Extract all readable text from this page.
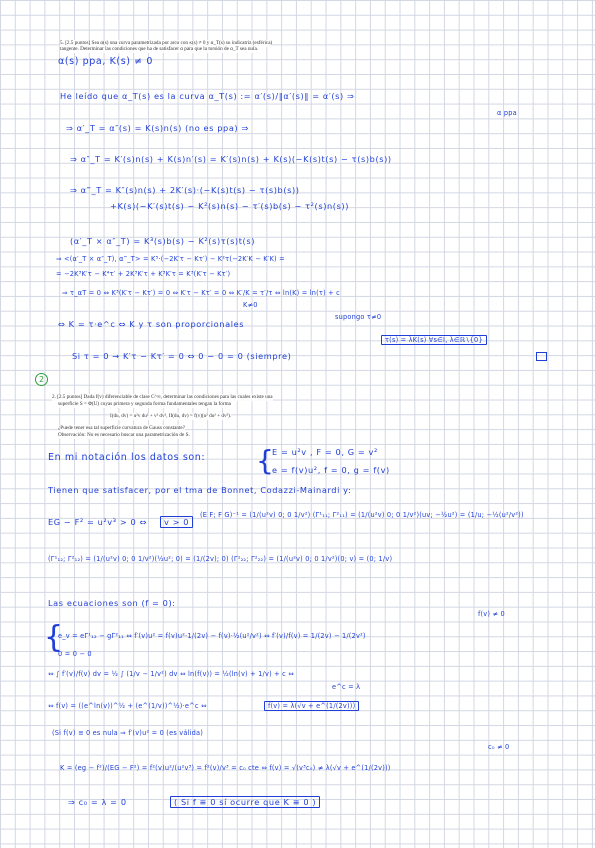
5. [2.5 puntos] Sea α(s) una curva parametrizada por arco con κ(s) ≠ 0 y α_T(s) su indicatriz (esférica)
tangente. Determinar las condiciones que ha de satisfacer α para que la torsión de α_T sea nula.
α(s) ppa, K(s) ≠ 0
He leído que α_T(s) es la curva α_T(s) := α′(s)/‖α′(s)‖ = α′(s) ⇒
α ppa
⇒ α′_T = α″(s) = K(s)n(s) (no es ppa) ⇒
⇒ α″_T = K′(s)n(s) + K(s)n′(s) = K′(s)n(s) + K(s)(−K(s)t(s) − τ(s)b(s))
⇒ α‴_T = K″(s)n(s) + 2K′(s)·(−K(s)t(s) − τ(s)b(s))
+K(s)(−K′(s)t(s) − K²(s)n(s) − τ′(s)b(s) − τ²(s)n(s))
(α′_T × α″_T) = K³(s)b(s) − K²(s)τ(s)t(s)
⇒ <(α′_T × α″_T), α‴_T> = K⁵·(−2K′τ − Kτ′) − K²τ(−2K′K − K′K) =
= −2K³K′τ − K⁴τ′ + 2K³K′τ + K³K′τ = K³(K′τ − Kτ′)
⇒ τ_αT = 0 ⇔ K³(K′τ − Kτ′) = 0 ⇔ K′τ − Kτ′ = 0 ⇔ K′/K = τ′/τ ⇔ ln(K) = ln(τ) + c
K≠0
supongo τ≠0
⇔ K = τ·e^c ⇔ K y τ son proporcionales
τ(s) = λK(s) ∀s∈I, λ∈ℝ∖{0}
Si τ = 0 → K′τ − Kτ′ = 0 ⇔ 0 − 0 = 0 (siempre)
2
2. [2.5 puntos] Dada f(v) diferenciable de clase C^∞, determinar las condiciones para las cuales existe una
superficie S = Φ(U) cuyas primera y segunda forma fundamentales tengan la forma
I(du, dv) = u²v du² + v² dv², II(du, dv) = f(v)(u² du² + dv²).
¿Puede tener esa tal superficie curvatura de Gauss constante?
Observación: No es necesario buscar una parametrización de S.
En mi notación los datos son: {
E = u²v , F = 0, G = v²
e = f(v)u², f = 0, g = f(v)
Tienen que satisfacer, por el tma de Bonnet, Codazzi-Mainardi y:
EG − F² = u²v³ > 0 ⇔	v > 0
(E F; F G)⁻¹ = (1/(u²v) 0; 0 1/v²) (Γ¹₁₁; Γ²₁₁) = (1/(u²v) 0; 0 1/v²)(uv; −½u²) = (1/u; −½(u²/v²))
(Γ¹₁₂; Γ²₁₂) = (1/(u²v) 0; 0 1/v²)(½u²; 0) = (1/(2v); 0) (Γ¹₂₂; Γ²₂₂) = (1/(u²v) 0; 0 1/v²)(0; v) = (0; 1/v)
Las ecuaciones son (f = 0):
f(v) ≠ 0
{
e_v = eΓ¹₁₂ − gΓ²₁₁ ⇔ f′(v)u² = f(v)u²·1/(2v) − f(v)·½(u²/v²) ⇔ f′(v)/f(v) = 1/(2v) − 1/(2v²)
0 = 0 − 0
⇔ ∫ f′(v)/f(v) dv = ½ ∫ (1/v − 1/v²) dv ⇔ ln(f(v)) = ½(ln(v) + 1/v) + c ⇔
e^c = λ
⇔ f(v) = ((e^ln(v))^½ + (e^(1/v))^½)·e^c ⇔	f(v) = λ(√v + e^(1/(2v)))
(Si f(v) ≡ 0 es nula ⇒ f′(v)u² = 0 (es válida)
c₀ ≠ 0
K = (eg − f²)/(EG − F²) = f²(v)u²/(u²v³) = f²(v)/v³ = c₀ cte ⇔ f(v) = √(v³c₀) ≠ λ(√v + e^(1/(2v)))
⇒ c₀ = λ = 0	( Si f ≡ 0 sí ocurre que K ≡ 0 )
